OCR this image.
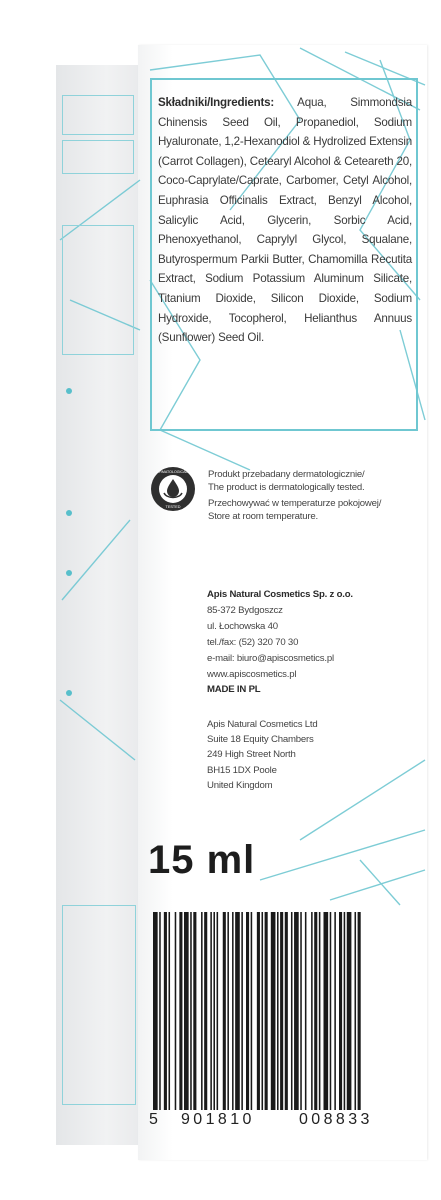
Składniki/Ingredients: Aqua, Simmondsia Chinensis Seed Oil, Propanediol, Sodium Hyaluronate, 1,2-Hexanodiol & Hydrolized Extensin (Carrot Collagen), Cetearyl Alcohol & Ceteareth 20, Coco-Caprylate/Caprate, Carbomer, Cetyl Alcohol, Euphrasia Officinalis Extract, Benzyl Alcohol, Salicylic Acid, Glycerin, Sorbic Acid, Phenoxyethanol, Caprylyl Glycol, Squalane, Butyrospermum Parkii Butter, Chamomilla Recutita Extract, Sodium Potassium Aluminum Silicate, Titanium Dioxide, Silicon Dioxide, Sodium Hydroxide, Tocopherol, Helianthus Annuus (Sunflower) Seed Oil.
DERMATOLOGICALLY
TESTED

Produkt przebadany dermatologicznie/
The product is dermatologically tested.

Przechowywać w temperaturze pokojowej/
Store at room temperature.

Apis Natural Cosmetics Sp. z o.o.
85-372 Bydgoszcz
ul. Łochowska 40
tel./fax: (52) 320 70 30
e-mail: biuro@apiscosmetics.pl
www.apiscosmetics.pl
MADE IN PL
Apis Natural Cosmetics Ltd
Suite 18 Equity Chambers
249 High Street North
BH15 1DX Poole
United Kingdom
15 ml
5 901810	008833
